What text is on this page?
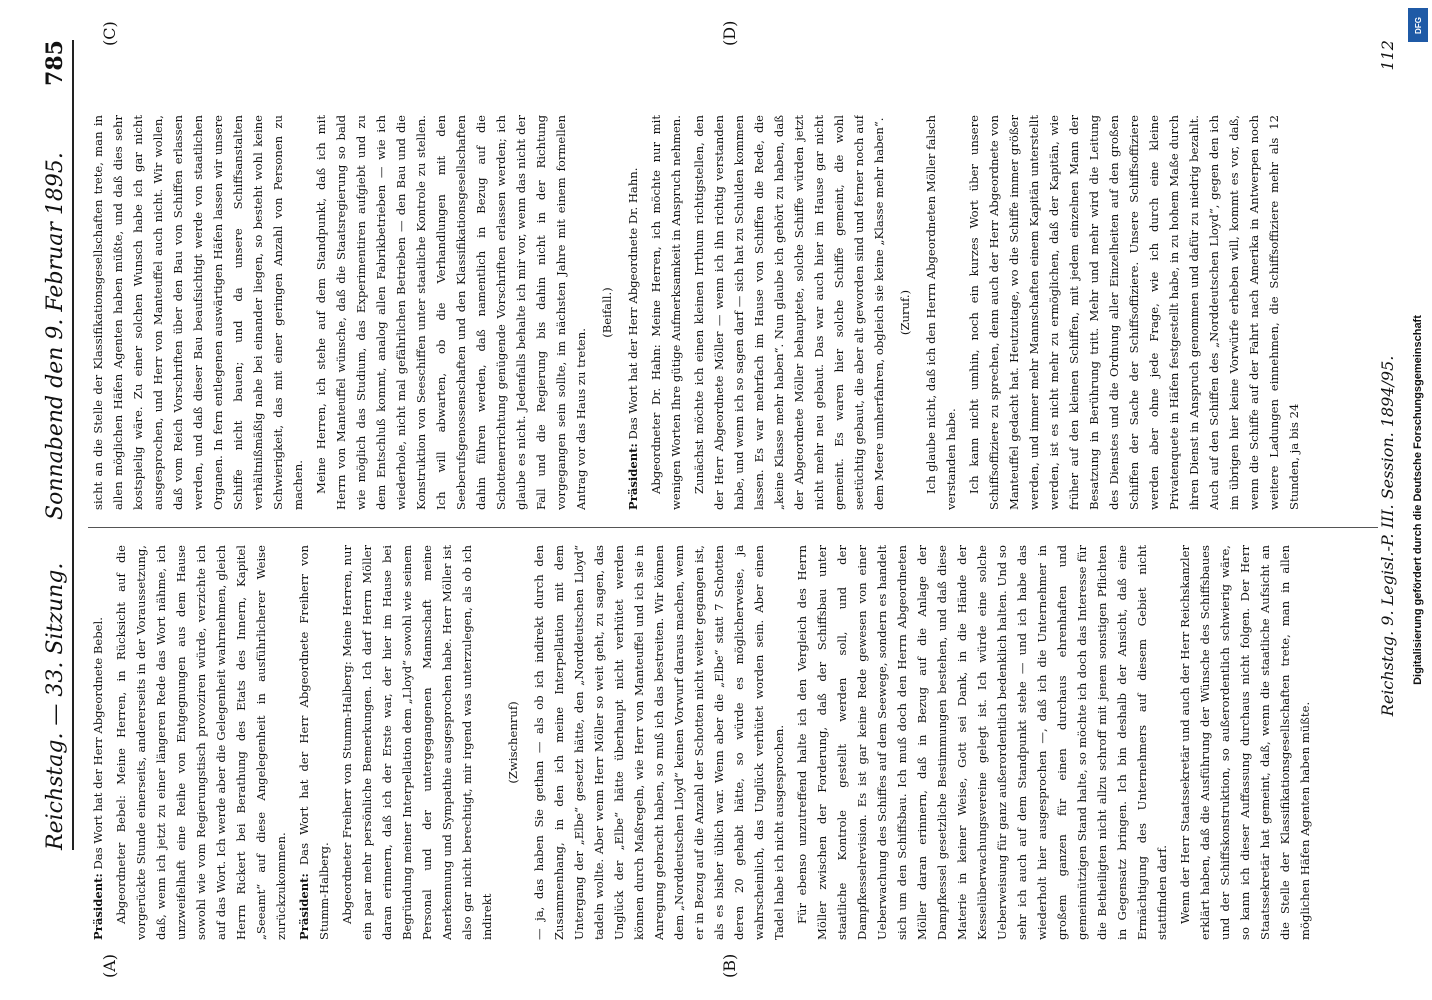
Reichstag. — 33. Sitzung.
Sonnabend den 9. Februar 1895.
785
(A)	(B)
(C)	(D)

Präsident: Das Wort hat der Herr Abgeordnete Bebel. Abgeordneter Bebel: Meine Herren, in Rücksicht auf die vorgerückte Stunde einerseits, andererseits in der Voraussetzung, daß, wenn ich jetzt zu einer längeren Rede das Wort nähme, ich unzweifelhaft eine Reihe von Entgegnungen aus dem Hause sowohl wie vom Regierungstisch provoziren würde, verzichte ich auf das Wort. Ich werde aber die Gelegenheit wahrnehmen, gleich Herrn Rickert bei Berathung des Etats des Innern, Kapitel „Seeamt“ auf diese Angelegenheit in ausführlicherer Weise zurückzukommen. Präsident: Das Wort hat der Herr Abgeordnete Freiherr von Stumm-Halberg. Abgeordneter Freiherr von Stumm-Halberg: Meine Herren, nur ein paar mehr persönliche Bemerkungen. Ich darf Herrn Möller daran erinnern, daß ich der Erste war, der hier im Hause bei Begründung meiner Interpellation dem „Lloyd“ sowohl wie seinem Personal und der untergegangenen Mannschaft meine Anerkennung und Sympathie ausgesprochen habe. Herr Möller ist also gar nicht berechtigt, mir irgend was unterzulegen, als ob ich indirekt

(Zwischenruf) — ja, das haben Sie gethan — als ob ich indirekt durch den Zusammenhang, in den ich meine Interpellation mit dem Untergang der „Elbe“ gesetzt hätte, den „Norddeutschen Lloyd“ tadeln wollte. Aber wenn Herr Möller so weit geht, zu sagen, das Unglück der „Elbe“ hätte überhaupt nicht verhütet werden können durch Maßregeln, wie Herr von Manteuffel und ich sie in Anregung gebracht haben, so muß ich das bestreiten. Wir können dem „Norddeutschen Lloyd“ keinen Vorwurf daraus machen, wenn er in Bezug auf die Anzahl der Schotten nicht weiter gegangen ist, als es bisher üblich war. Wenn aber die „Elbe“ statt 7 Schotten deren 20 gehabt hätte, so würde es möglicherweise, ja wahrscheinlich, das Unglück verhütet worden sein. Aber einen Tadel habe ich nicht ausgesprochen. Für ebenso unzutreffend halte ich den Vergleich des Herrn Möller zwischen der Forderung, daß der Schiffsbau unter staatliche Kontrole gestellt werden soll, und der Dampfkesselrevision. Es ist gar keine Rede gewesen von einer Ueberwachung des Schiffes auf dem Seewege, sondern es handelt sich um den Schiffsbau. Ich muß doch den Herrn Abgeordneten Möller daran erinnern, daß in Bezug auf die Anlage der Dampfkessel gesetzliche Bestimmungen bestehen, und daß diese Materie in keiner Weise, Gott sei Dank, in die Hände der Kesselüberwachungsvereine gelegt ist. Ich würde eine solche Ueberweisung für ganz außerordentlich bedenklich halten. Und so sehr ich auch auf dem Standpunkt stehe — und ich habe das wiederholt hier ausgesprochen —, daß ich die Unternehmer in großem ganzen für einen durchaus ehrenhaften und gemeinnützigen Stand halte, so möchte ich doch das Interesse für die Betheiligten nicht allzu schroff mit jenem sonstigen Pflichten in Gegensatz bringen. Ich bin deshalb der Ansicht, daß eine Ermächtigung des Unternehmers auf diesem Gebiet nicht stattfinden darf. Wenn der Herr Staatssekretär und auch der Herr Reichskanzler erklärt haben, daß die Ausführung der Wünsche des Schiffsbaues und der Schiffskonstruktion, so außerordentlich schwierig wäre, so kann ich dieser Auffassung durchaus nicht folgen. Der Herr Staatssekretär hat gemeint, daß, wenn die staatliche Aufsicht an die Stelle der Klassifikationsgesellschaften trete, man in allen möglichen Häfen Agenten haben müßte.

sicht an die Stelle der Klassifikationsgesellschaften trete, man in allen möglichen Häfen Agenten haben müßte, und daß dies sehr kostspielig wäre. Zu einer solchen Wunsch habe ich gar nicht ausgesprochen, und Herr von Manteuffel auch nicht. Wir wollen, daß vom Reich Vorschriften über den Bau von Schiffen erlassen werden, und daß dieser Bau beaufsichtigt werde von staatlichen Organen. In fern entlegenen auswärtigen Häfen lassen wir unsere Schiffe nicht bauen; und da unsere Schiffsanstalten verhältnißmäßig nahe bei einander liegen, so besteht wohl keine Schwierigkeit, das mit einer geringen Anzahl von Personen zu machen. Meine Herren, ich stehe auf dem Standpunkt, daß ich mit Herrn von Manteuffel wünsche, daß die Staatsregierung so bald wie möglich das Studium, das Experimentiren aufgiebt und zu dem Entschluß kommt, analog allen Fabrikbetrieben — wie ich wiederhole, nicht mal gefährlichen Betrieben — den Bau und die Konstruktion von Seeschiffen unter staatliche Kontrole zu stellen. Ich will abwarten, ob die Verhandlungen mit den Seeberufsgenossenschaften und den Klassifikationsgesellschaften dahin führen werden, daß namentlich in Bezug auf die Schottenerrichtung genügende Vorschriften erlassen werden; ich glaube es nicht. Jedenfalls behalte ich mir vor, wenn das nicht der Fall und die Regierung bis dahin nicht in der Richtung vorgegangen sein sollte, im nächsten Jahre mit einem formellen Antrag vor das Haus zu treten.

(Beifall.)

Präsident: Das Wort hat der Herr Abgeordnete Dr. Hahn. Abgeordneter Dr. Hahn: Meine Herren, ich möchte nur mit wenigen Worten Ihre gütige Aufmerksamkeit in Anspruch nehmen. Zunächst möchte ich einen kleinen Irrthum richtigstellen, den der Herr Abgeordnete Möller — wenn ich ihn richtig verstanden habe, und wenn ich so sagen darf — sich hat zu Schulden kommen lassen. Es war mehrfach im Hause von Schiffen die Rede, die „keine Klasse mehr haben“. Nun glaube ich gehört zu haben, daß der Abgeordnete Möller behauptete, solche Schiffe würden jetzt nicht mehr neu gebaut. Das war auch hier im Hause gar nicht gemeint. Es waren hier solche Schiffe gemeint, die wohl seetüchtig gebaut, die aber alt geworden sind und ferner noch auf dem Meere umherfahren, obgleich sie keine „Klasse mehr haben“. (Zuruf.) Ich glaube nicht, daß ich den Herrn Abgeordneten Möller falsch verstanden habe. Ich kann nicht umhin, noch ein kurzes Wort über unsere Schiffsoffiziere zu sprechen, denn auch der Herr Abgeordnete von Manteuffel gedacht hat. Heutzutage, wo die Schiffe immer größer werden, und immer mehr Mannschaften einem Kapitän unterstellt werden, ist es nicht mehr zu ermöglichen, daß der Kapitän, wie früher auf den kleinen Schiffen, mit jedem einzelnen Mann der Besatzung in Berührung tritt. Mehr und mehr wird die Leitung des Dienstes und die Ordnung aller Einzelheiten auf den großen Schiffen der Sache der Schiffsoffiziere. Unsere Schiffsoffiziere werden aber ohne jede Frage, wie ich durch eine kleine Privatenquete in Häfen festgestellt habe, in zu hohem Maße durch ihren Dienst in Anspruch genommen und dafür zu niedrig bezahlt. Auch auf den Schiffen des „Norddeutschen Lloyd“, gegen den ich im übrigen hier keine Vorwürfe erheben will, kommt es vor, daß, wenn die Schiffe auf der Fahrt nach Amerika in Antwerpen noch weitere Ladungen einnehmen, die Schiffsoffiziere mehr als 12 Stunden, ja bis 24	Reichstag. 9. Legisl.-P. III. Session. 1894/95. 112
DFG
Digitalisierung gefördert durch die Deutsche Forschungsgemeinschaft
